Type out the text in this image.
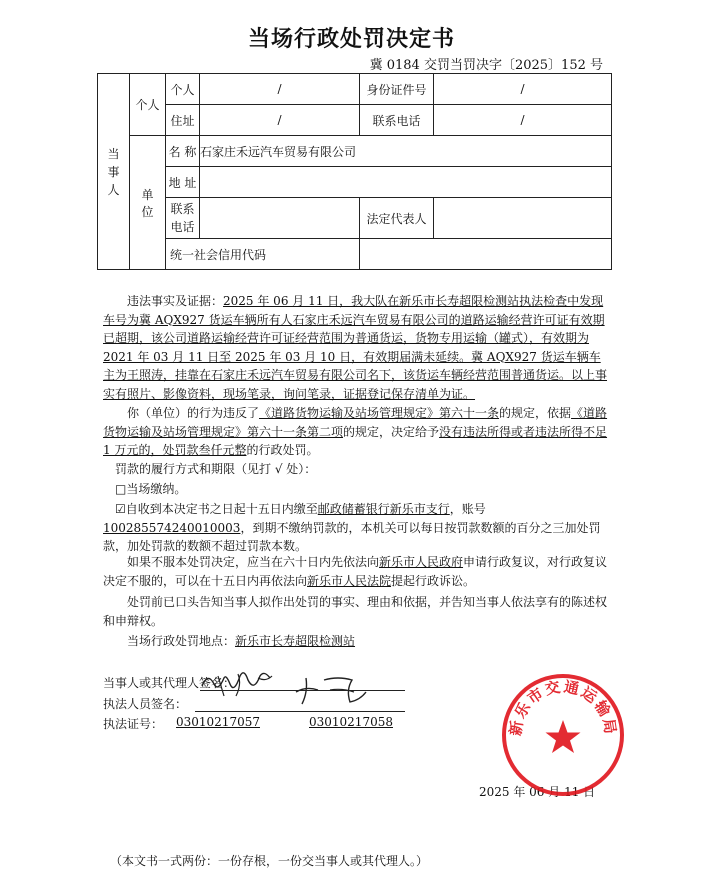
当场行政处罚决定书
冀 0184 交罚当罚决字〔2025〕152 号
当事人	个人	个人	/	身份证件号	/
		住址	/	联系电话	/
	单 位	名 称	石家庄禾远汽车贸易有限公司		
		地 址			
		联系电话		法定代表人	
		统一社会信用代码			
违法事实及证据：2025 年 06 月 11 日，我大队在新乐市长寿超限检测站执法检查中发现车号为冀 AQX927 货运车辆所有人石家庄禾远汽车贸易有限公司的道路运输经营许可证有效期已超期，该公司道路运输经营许可证经营范围为普通货运，货物专用运输（罐式），有效期为 2021 年 03 月 11 日至 2025 年 03 月 10 日，有效期届满未延续。冀 AQX927 货运车辆车主为王照涛，挂靠在石家庄禾远汽车贸易有限公司名下，该货运车辆经营范围普通货运。以上事实有照片、影像资料，现场笔录，询问笔录，证据登记保存清单为证。
你（单位）的行为违反了《道路货物运输及站场管理规定》第六十一条的规定，依据《道路货物运输及站场管理规定》第六十一条第二项的规定，决定给予没有违法所得或者违法所得不足 1 万元的，处罚款叁仟元整的行政处罚。
罚款的履行方式和期限（见打 √ 处）：
□当场缴纳。
☑自收到本决定书之日起十五日内缴至邮政储蓄银行新乐市支行，账号100285574240010003，到期不缴纳罚款的，本机关可以每日按罚款数额的百分之三加处罚款，加处罚款的数额不超过罚款本数。
如果不服本处罚决定，应当在六十日内先依法向新乐市人民政府申请行政复议，对行政复议决定不服的，可以在十五日内再依法向新乐市人民法院提起行政诉讼。
处罚前已口头告知当事人拟作出处罚的事实、理由和依据，并告知当事人依法享有的陈述权和申辩权。
当场行政处罚地点：新乐市长寿超限检测站
当事人或其代理人签名：
执法人员签名：
执法证号： 03010217057	03010217058
2025 年 06 月 11 日
新乐市交通运输局
（本文书一式两份：一份存根，一份交当事人或其代理人。）
